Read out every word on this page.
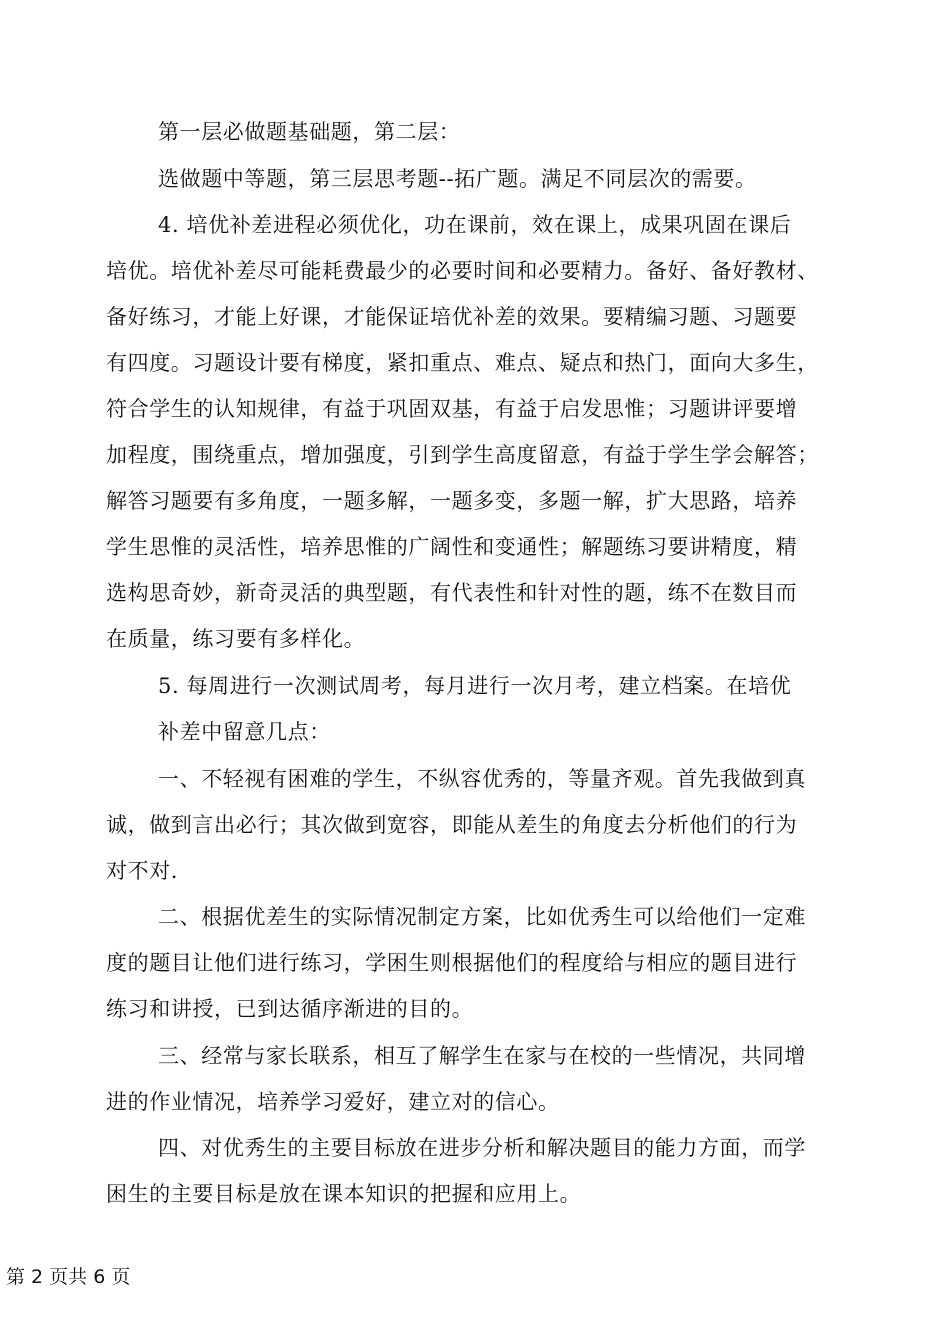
第一层必做题基础题，第二层：
选做题中等题，第三层思考题--拓广题。满足不同层次的需要。
4. 培优补差进程必须优化，功在课前，效在课上，成果巩固在课后
培优。培优补差尽可能耗费最少的必要时间和必要精力。备好、备好教材、
备好练习，才能上好课，才能保证培优补差的效果。要精编习题、习题要
有四度。习题设计要有梯度，紧扣重点、难点、疑点和热门，面向大多生，
符合学生的认知规律，有益于巩固双基，有益于启发思惟；习题讲评要增
加程度，围绕重点，增加强度，引到学生高度留意，有益于学生学会解答；
解答习题要有多角度，一题多解，一题多变，多题一解，扩大思路，培养
学生思惟的灵活性，培养思惟的广阔性和变通性；解题练习要讲精度，精
选构思奇妙，新奇灵活的典型题，有代表性和针对性的题，练不在数目而
在质量，练习要有多样化。
5. 每周进行一次测试周考，每月进行一次月考，建立档案。在培优
补差中留意几点：
一、不轻视有困难的学生，不纵容优秀的，等量齐观。首先我做到真
诚，做到言出必行；其次做到宽容，即能从差生的角度去分析他们的行为
对不对.
二、根据优差生的实际情况制定方案，比如优秀生可以给他们一定难
度的题目让他们进行练习，学困生则根据他们的程度给与相应的题目进行
练习和讲授，已到达循序渐进的目的。
三、经常与家长联系，相互了解学生在家与在校的一些情况，共同增
进的作业情况，培养学习爱好，建立对的信心。
四、对优秀生的主要目标放在进步分析和解决题目的能力方面，而学
困生的主要目标是放在课本知识的把握和应用上。
第 2 页共 6 页
